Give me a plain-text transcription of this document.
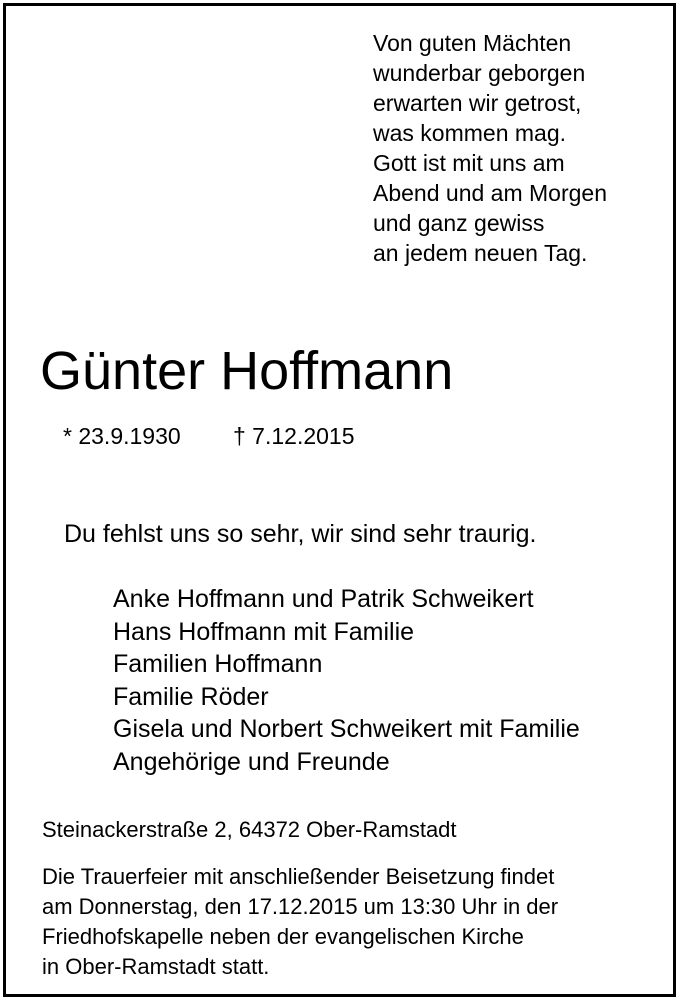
Von guten Mächten
wunderbar geborgen
erwarten wir getrost,
was kommen mag.
Gott ist mit uns am
Abend und am Morgen
und ganz gewiss
an jedem neuen Tag.
Günter Hoffmann
* 23.9.1930 † 7.12.2015
Du fehlst uns so sehr, wir sind sehr traurig.
Anke Hoffmann und Patrik Schweikert
Hans Hoffmann mit Familie
Familien Hoffmann
Familie Röder
Gisela und Norbert Schweikert mit Familie
Angehörige und Freunde
Steinackerstraße 2, 64372 Ober-Ramstadt
Die Trauerfeier mit anschließender Beisetzung findet
am Donnerstag, den 17.12.2015 um 13:30 Uhr in der
Friedhofskapelle neben der evangelischen Kirche
in Ober-Ramstadt statt.
